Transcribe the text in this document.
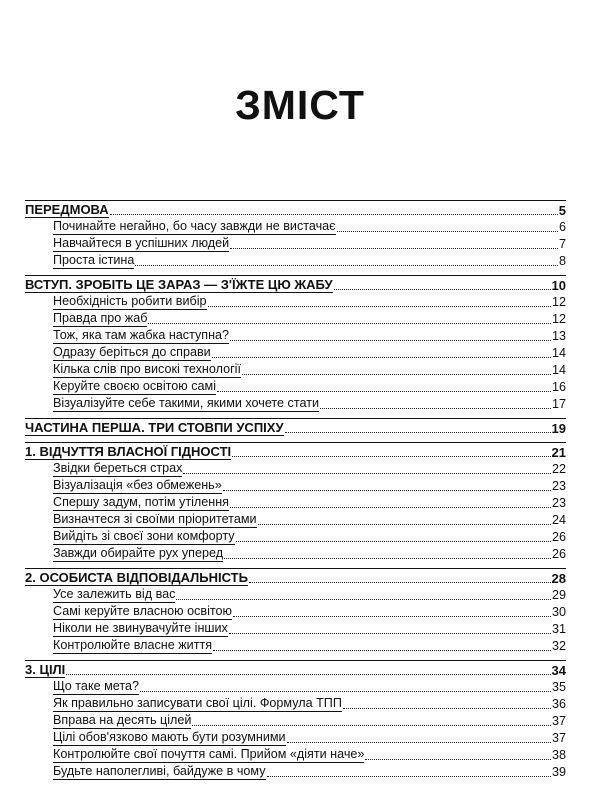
ЗМІСТ
ПЕРЕДМОВА	5
Починайте негайно, бо часу завжди не вистачає	6
Навчайтеся в успішних людей	7
Проста істина	8
ВСТУП. ЗРОБІТЬ ЦЕ ЗАРАЗ — З'ЇЖТЕ ЦЮ ЖАБУ	10
Необхідність робити вибір	12
Правда про жаб	12
Тож, яка там жабка наступна?	13
Одразу беріться до справи	14
Кілька слів про високі технології	14
Керуйте своєю освітою самі	16
Візуалізуйте себе такими, якими хочете стати	17
ЧАСТИНА ПЕРША. ТРИ СТОВПИ УСПІХУ	19
1. ВІДЧУТТЯ ВЛАСНОЇ ГІДНОСТІ	21
Звідки береться страх	22
Візуалізація «без обмежень»	23
Спершу задум, потім утілення	23
Визначтеся зі своїми пріоритетами	24
Вийдіть зі своєї зони комфорту	26
Завжди обирайте рух уперед	26
2. ОСОБИСТА ВІДПОВІДАЛЬНІСТЬ	28
Усе залежить від вас	29
Самі керуйте власною освітою	30
Ніколи не звинувачуйте інших	31
Контролюйте власне життя	32
3. ЦІЛІ	34
Що таке мета?	35
Як правильно записувати свої цілі. Формула ТПП	36
Вправа на десять цілей	37
Цілі обов'язково мають бути розумними	37
Контролюйте свої почуття самі. Прийом «діяти наче»	38
Будьте наполегливі, байдуже в чому	39
